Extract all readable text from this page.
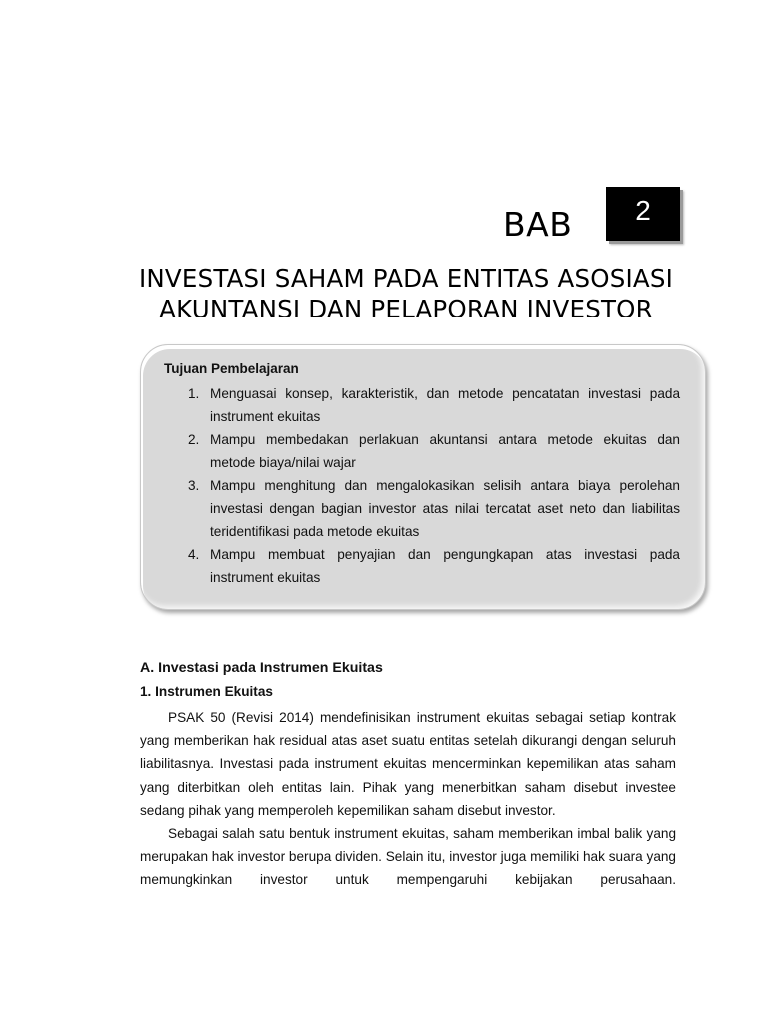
BAB 2
INVESTASI SAHAM PADA ENTITAS ASOSIASI
AKUNTANSI DAN PELAPORAN INVESTOR
Tujuan Pembelajaran
1. Menguasai konsep, karakteristik, dan metode pencatatan investasi pada instrument ekuitas
2. Mampu membedakan perlakuan akuntansi antara metode ekuitas dan metode biaya/nilai wajar
3. Mampu menghitung dan mengalokasikan selisih antara biaya perolehan investasi dengan bagian investor atas nilai tercatat aset neto dan liabilitas teridentifikasi pada metode ekuitas
4. Mampu membuat penyajian dan pengungkapan atas investasi pada instrument ekuitas
A. Investasi pada Instrumen Ekuitas
1. Instrumen Ekuitas

PSAK 50 (Revisi 2014) mendefinisikan instrument ekuitas sebagai setiap kontrak yang memberikan hak residual atas aset suatu entitas setelah dikurangi dengan seluruh liabilitasnya. Investasi pada instrument ekuitas mencerminkan kepemilikan atas saham yang diterbitkan oleh entitas lain. Pihak yang menerbitkan saham disebut investee sedang pihak yang memperoleh kepemilikan saham disebut investor.

Sebagai salah satu bentuk instrument ekuitas, saham memberikan imbal balik yang merupakan hak investor berupa dividen. Selain itu, investor juga memiliki hak suara yang memungkinkan investor untuk mempengaruhi kebijakan perusahaan.
